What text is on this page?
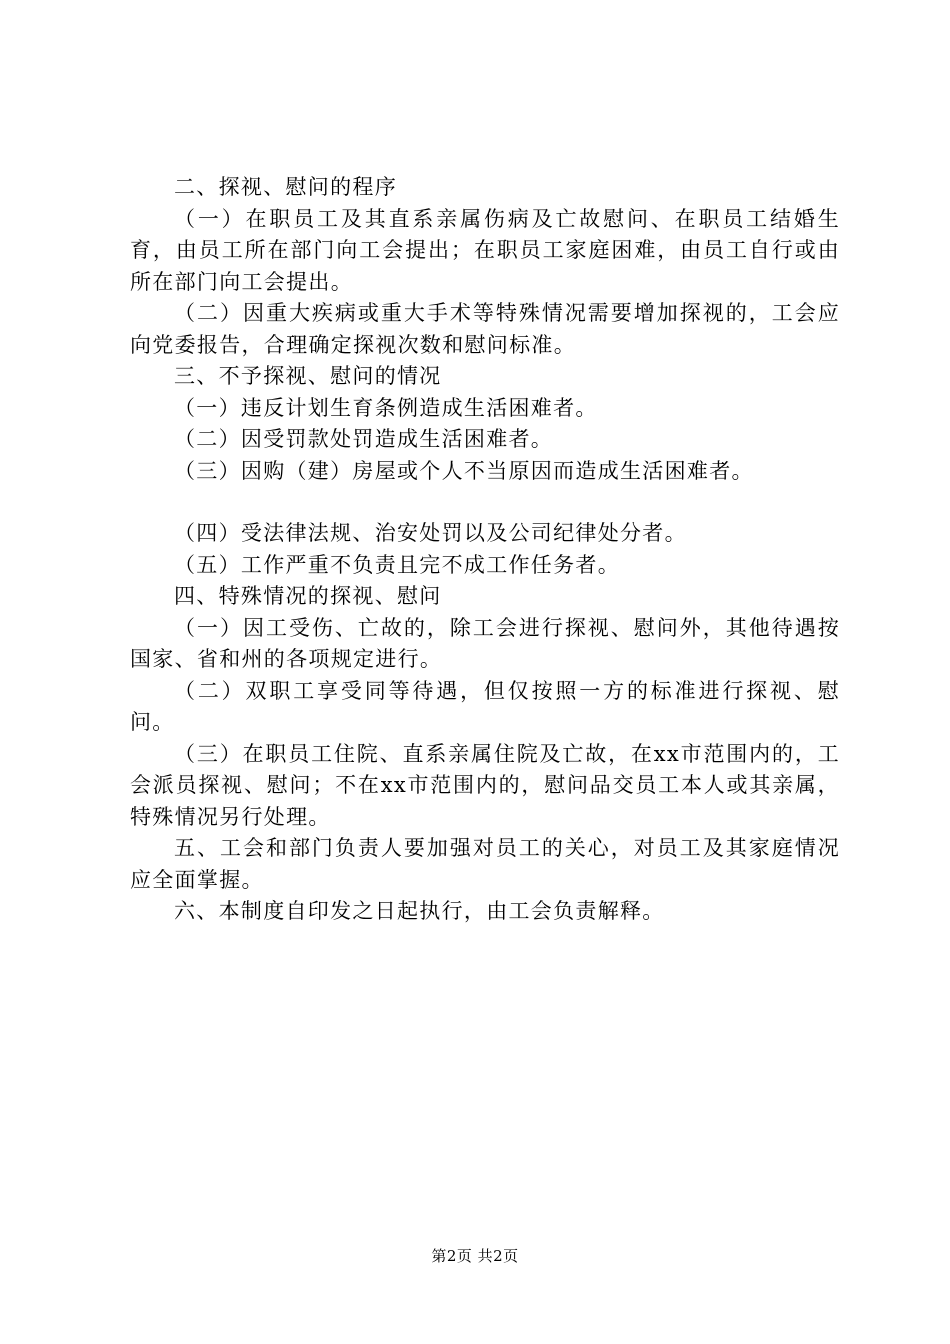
二、探视、慰问的程序

（一）在职员工及其直系亲属伤病及亡故慰问、在职员工结婚生育，由员工所在部门向工会提出；在职员工家庭困难，由员工自行或由所在部门向工会提出。

（二）因重大疾病或重大手术等特殊情况需要增加探视的，工会应向党委报告，合理确定探视次数和慰问标准。

三、不予探视、慰问的情况

（一）违反计划生育条例造成生活困难者。

（二）因受罚款处罚造成生活困难者。

（三）因购（建）房屋或个人不当原因而造成生活困难者。

（四）受法律法规、治安处罚以及公司纪律处分者。

（五）工作严重不负责且完不成工作任务者。

四、特殊情况的探视、慰问

（一）因工受伤、亡故的，除工会进行探视、慰问外，其他待遇按国家、省和州的各项规定进行。

（二）双职工享受同等待遇，但仅按照一方的标准进行探视、慰问。

（三）在职员工住院、直系亲属住院及亡故，在xx市范围内的，工会派员探视、慰问；不在xx市范围内的，慰问品交员工本人或其亲属，特殊情况另行处理。

五、工会和部门负责人要加强对员工的关心，对员工及其家庭情况应全面掌握。

六、本制度自印发之日起执行，由工会负责解释。

第2页 共2页
